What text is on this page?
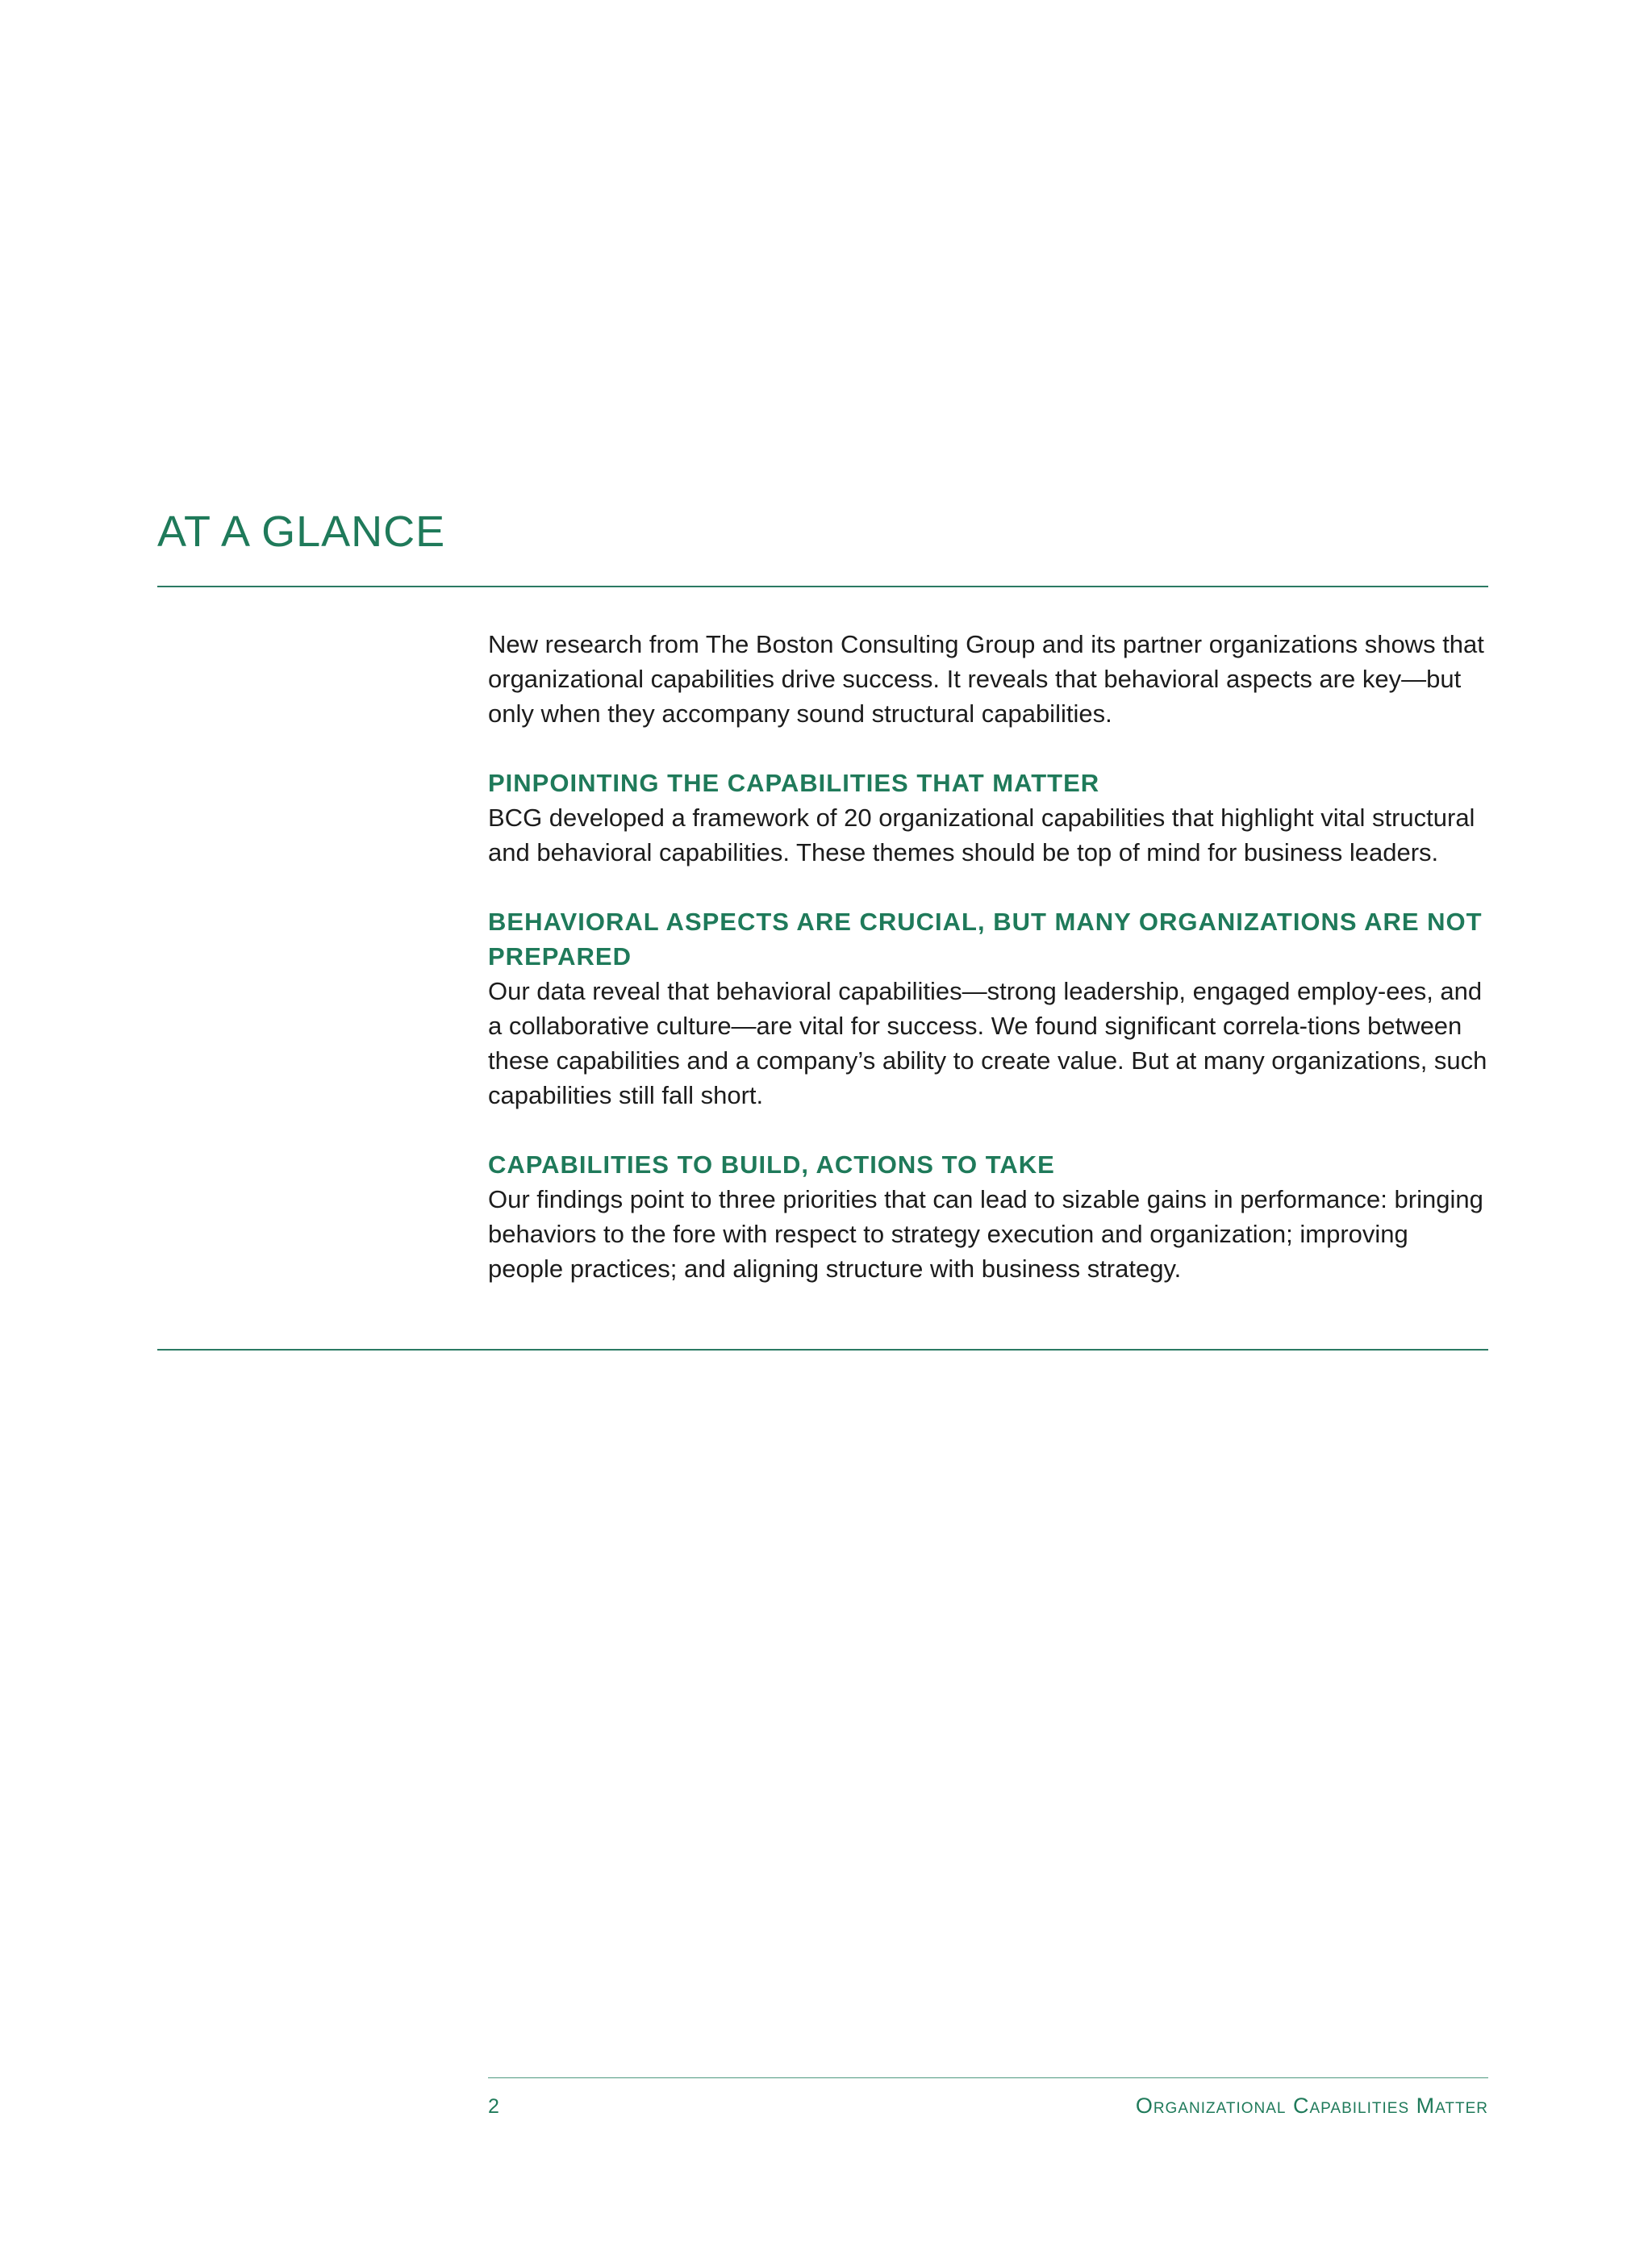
AT A GLANCE

New research from The Boston Consulting Group and its partner organizations shows that organizational capabilities drive success. It reveals that behavioral aspects are key—but only when they accompany sound structural capabilities.

PINPOINTING THE CAPABILITIES THAT MATTER

BCG developed a framework of 20 organizational capabilities that highlight vital structural and behavioral capabilities. These themes should be top of mind for business leaders.

BEHAVIORAL ASPECTS ARE CRUCIAL, BUT MANY ORGANIZATIONS ARE NOT PREPARED

Our data reveal that behavioral capabilities—strong leadership, engaged employ-ees, and a collaborative culture—are vital for success. We found significant correla-tions between these capabilities and a company’s ability to create value. But at many organizations, such capabilities still fall short.

CAPABILITIES TO BUILD, ACTIONS TO TAKE

Our findings point to three priorities that can lead to sizable gains in performance: bringing behaviors to the fore with respect to strategy execution and organization; improving people practices; and aligning structure with business strategy.

2	Organizational Capabilities Matter
